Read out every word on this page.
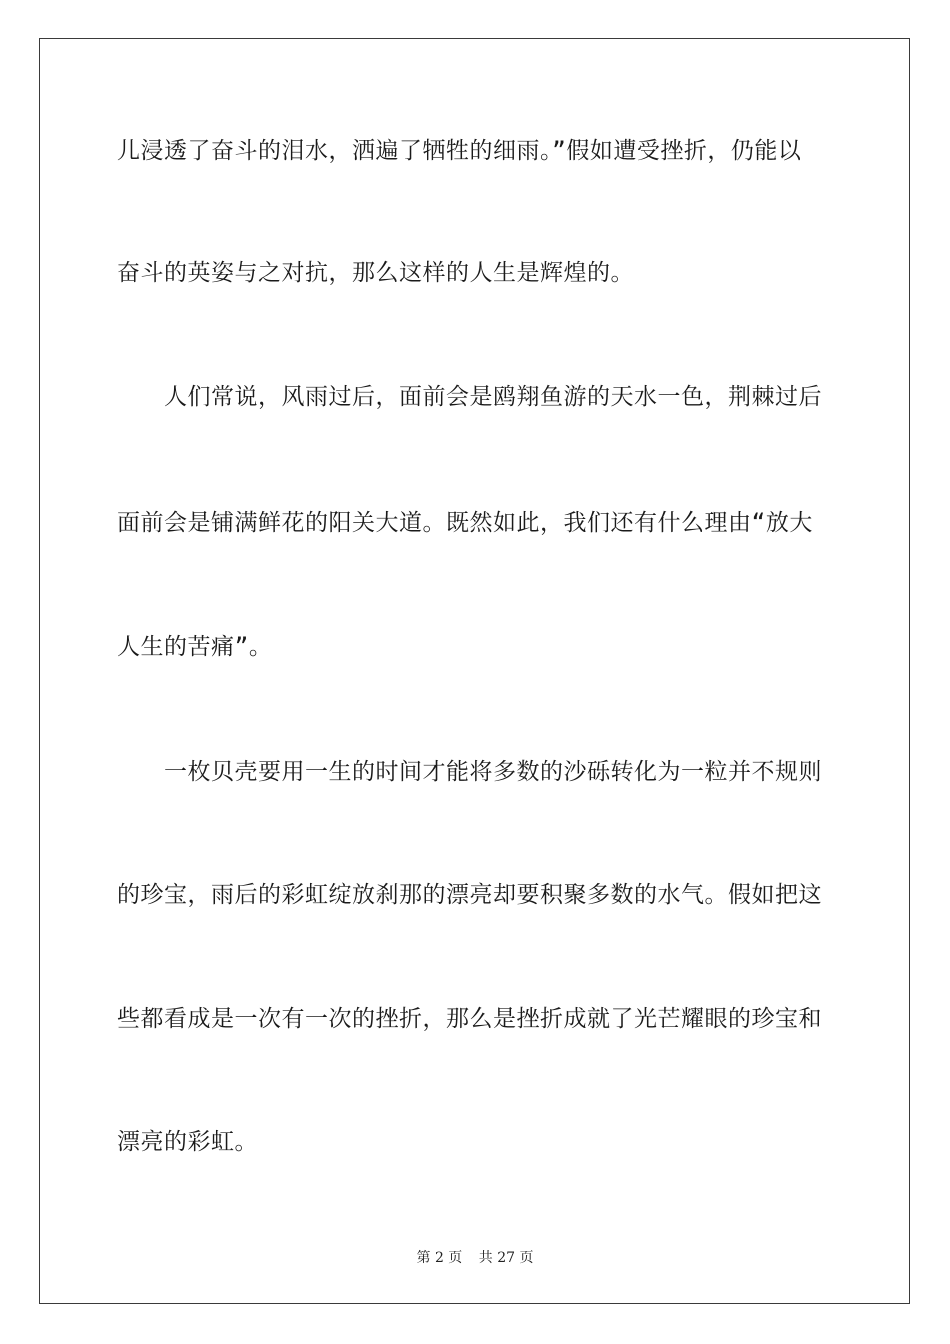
儿浸透了奋斗的泪水，洒遍了牺牲的细雨。”假如遭受挫折，仍能以
奋斗的英姿与之对抗，那么这样的人生是辉煌的。
　　人们常说，风雨过后，面前会是鸥翔鱼游的天水一色，荆棘过后
面前会是铺满鲜花的阳关大道。既然如此，我们还有什么理由“放大
人生的苦痛”。
　　一枚贝壳要用一生的时间才能将多数的沙砾转化为一粒并不规则
的珍宝，雨后的彩虹绽放刹那的漂亮却要积聚多数的水气。假如把这
些都看成是一次有一次的挫折，那么是挫折成就了光芒耀眼的珍宝和
漂亮的彩虹。
第 2 页 共 27 页
